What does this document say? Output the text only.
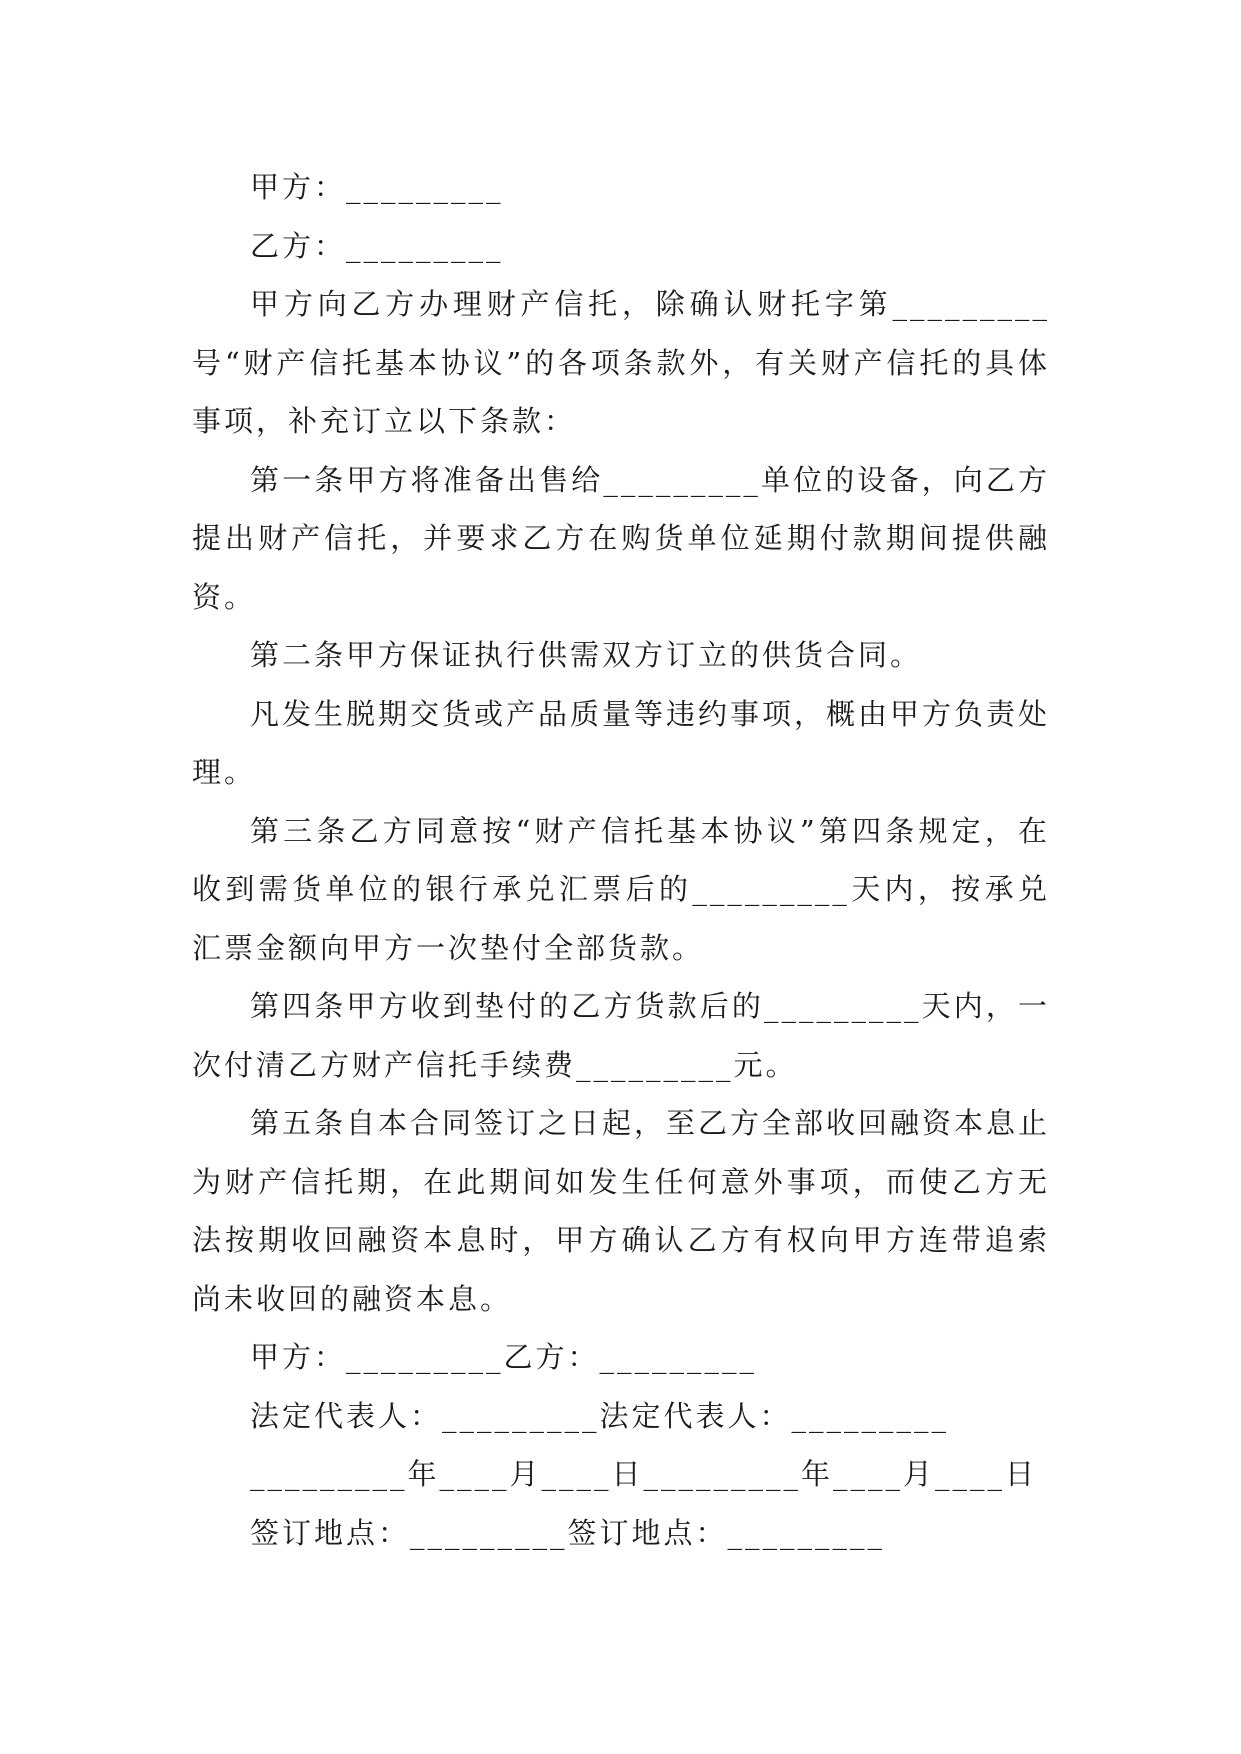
甲方：_________

乙方：_________

甲方向乙方办理财产信托，除确认财托字第_________号“财产信托基本协议”的各项条款外，有关财产信托的具体事项，补充订立以下条款：

第一条甲方将准备出售给_________单位的设备，向乙方提出财产信托，并要求乙方在购货单位延期付款期间提供融资。

第二条甲方保证执行供需双方订立的供货合同。

凡发生脱期交货或产品质量等违约事项，概由甲方负责处理。

第三条乙方同意按“财产信托基本协议”第四条规定，在收到需货单位的银行承兑汇票后的_________天内，按承兑汇票金额向甲方一次垫付全部货款。

第四条甲方收到垫付的乙方货款后的_________天内，一次付清乙方财产信托手续费_________元。

第五条自本合同签订之日起，至乙方全部收回融资本息止为财产信托期，在此期间如发生任何意外事项，而使乙方无法按期收回融资本息时，甲方确认乙方有权向甲方连带追索尚未收回的融资本息。

甲方：_________乙方：_________

法定代表人：_________法定代表人：_________

_________年____月____日_________年____月____日

签订地点：_________签订地点：_________
